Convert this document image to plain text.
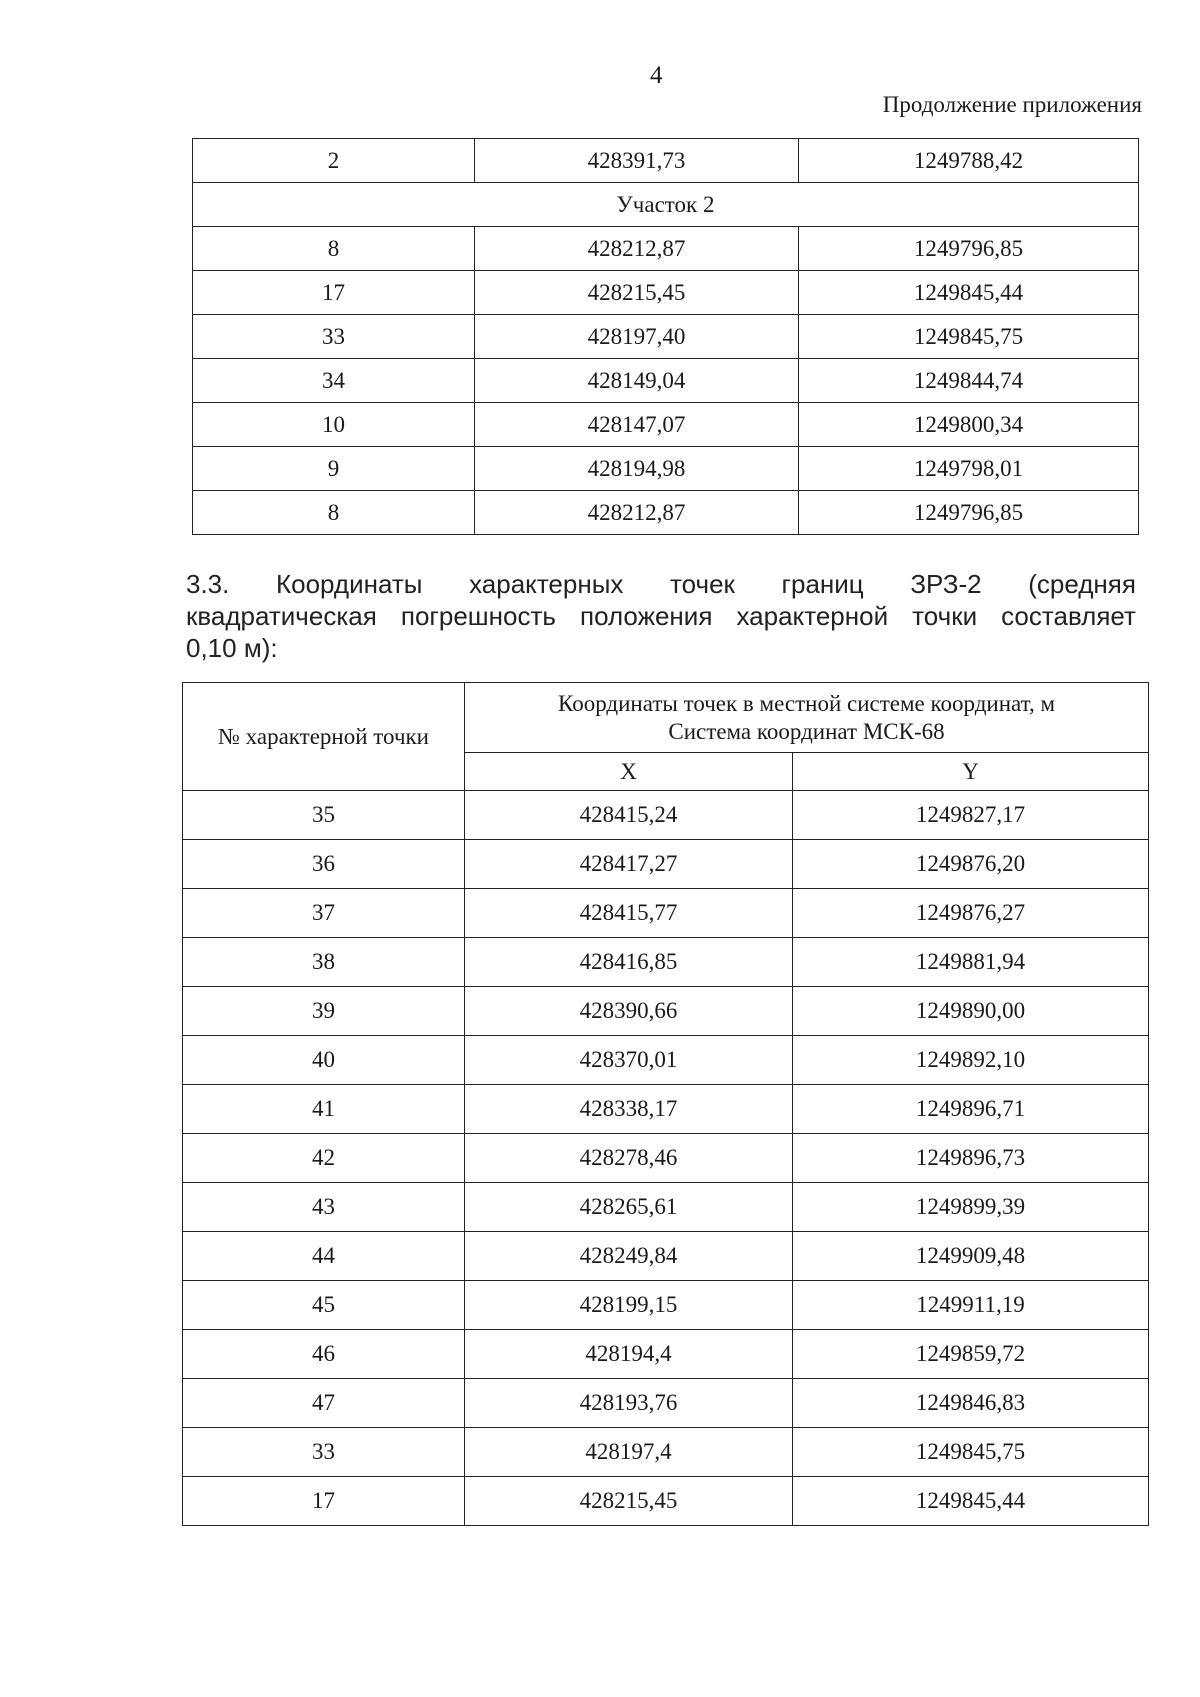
4
Продолжение приложения
2	428391,73	1249788,42
Участок 2		
8	428212,87	1249796,85
17	428215,45	1249845,44
33	428197,40	1249845,75
34	428149,04	1249844,74
10	428147,07	1249800,34
9	428194,98	1249798,01
8	428212,87	1249796,85
3.3. Координаты характерных точек границ ЗРЗ-2 (средняя
квадратическая погрешность положения характерной точки составляет
0,10 м):
№ характерной точки	Координаты точек в местной системе координат, м
Система координат МСК-68	

	X	Y
35	428415,24	1249827,17
36	428417,27	1249876,20
37	428415,77	1249876,27
38	428416,85	1249881,94
39	428390,66	1249890,00
40	428370,01	1249892,10
41	428338,17	1249896,71
42	428278,46	1249896,73
43	428265,61	1249899,39
44	428249,84	1249909,48
45	428199,15	1249911,19
46	428194,4	1249859,72
47	428193,76	1249846,83
33	428197,4	1249845,75
17	428215,45	1249845,44
